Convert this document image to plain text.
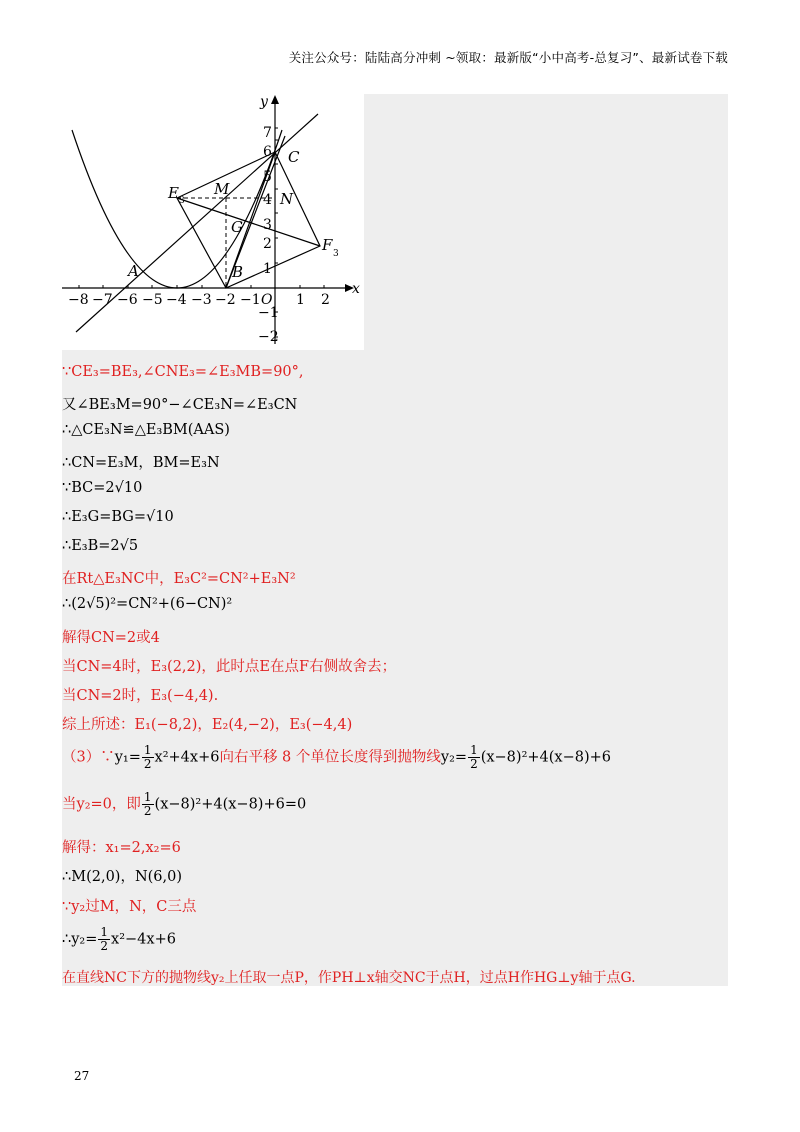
关注公众号：陆陆高分冲刺 ~领取：最新版“小中高考-总复习”、最新试卷下载
−8 −7 −6 −5 −4 −3 −2 −1 O 1 2
7
6
5
4
3
2
1
−1
−2
x
y
A	B
C
E 3
M
N
G
F 3
∵CE₃=BE₃,∠CNE₃=∠E₃MB=90°,
又∠BE₃M=90°−∠CE₃N=∠E₃CN
∴△CE₃N≌△E₃BM(AAS)
∴CN=E₃M，BM=E₃N
∵BC=2√10
∴E₃G=BG=√10
∴E₃B=2√5
在Rt△E₃NC中，E₃C²=CN²+E₃N²
∴(2√5)²=CN²+(6−CN)²
解得CN=2或4
当CN=4时，E₃(2,2)，此时点E在点F右侧故舍去；
当CN=2时，E₃(−4,4).
综上所述：E₁(−8,2)，E₂(4,−2)，E₃(−4,4)
（3）∵y₁= $\frac{1}{2} x^2+4x+6$向右平移 8 个单位长度得到抛物线$y_2= \frac{1}{2} (x-8)^2+4(x-8)+6$
当y₂=0，即 $\frac{1}{2} (x-8)^2+4(x-8)+6=0$
解得：x₁=2,x₂=6
∴M(2,0)，N(6,0)
∵y₂过M，N，C三点
∴y₂= $\frac{1}{2} x^2-4x+6$
在直线NC下方的抛物线y₂上任取一点P，作PH⊥x轴交NC于点H，过点H作HG⊥y轴于点G.
27
